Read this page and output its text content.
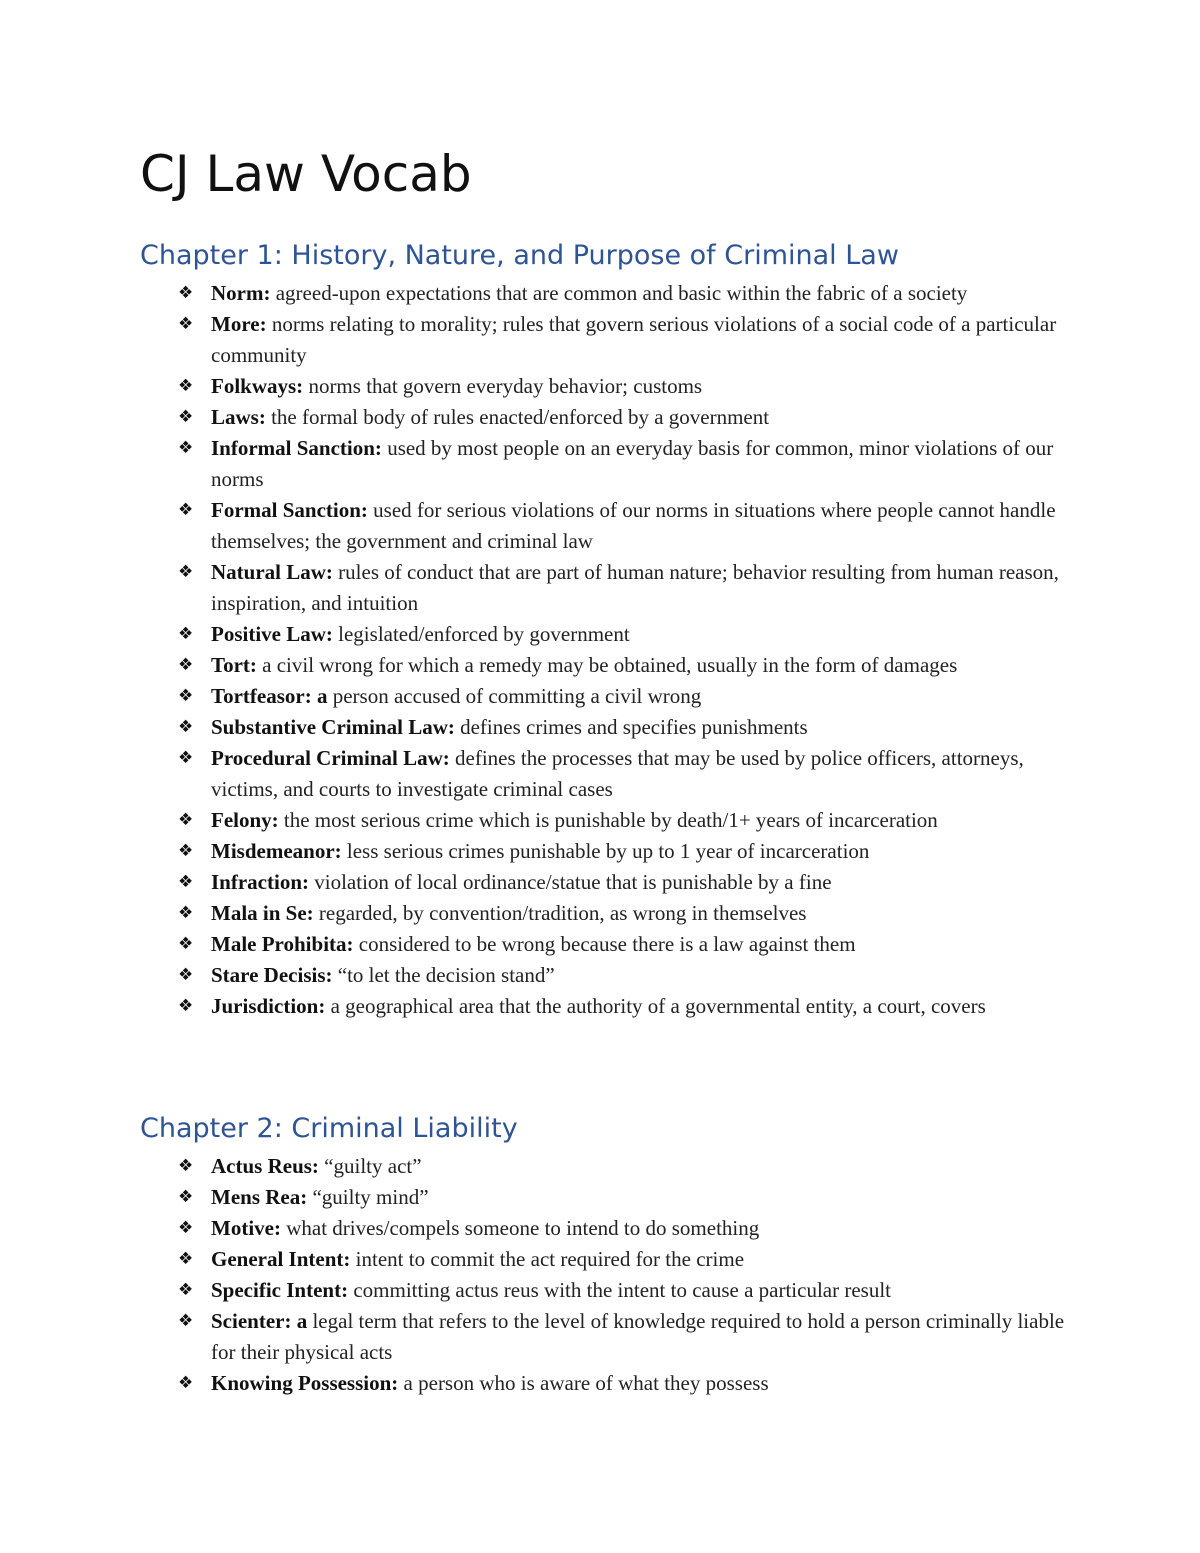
CJ Law Vocab
Chapter 1: History, Nature, and Purpose of Criminal Law
❖ Norm: agreed-upon expectations that are common and basic within the fabric of a society
❖ More: norms relating to morality; rules that govern serious violations of a social code of a particular community
❖ Folkways: norms that govern everyday behavior; customs
❖ Laws: the formal body of rules enacted/enforced by a government
❖ Informal Sanction: used by most people on an everyday basis for common, minor violations of our norms
❖ Formal Sanction: used for serious violations of our norms in situations where people cannot handle themselves; the government and criminal law
❖ Natural Law: rules of conduct that are part of human nature; behavior resulting from human reason, inspiration, and intuition
❖ Positive Law: legislated/enforced by government
❖ Tort: a civil wrong for which a remedy may be obtained, usually in the form of damages
❖ Tortfeasor: a person accused of committing a civil wrong
❖ Substantive Criminal Law: defines crimes and specifies punishments
❖ Procedural Criminal Law: defines the processes that may be used by police officers, attorneys, victims, and courts to investigate criminal cases
❖ Felony: the most serious crime which is punishable by death/1+ years of incarceration
❖ Misdemeanor: less serious crimes punishable by up to 1 year of incarceration
❖ Infraction: violation of local ordinance/statue that is punishable by a fine
❖ Mala in Se: regarded, by convention/tradition, as wrong in themselves
❖ Male Prohibita: considered to be wrong because there is a law against them
❖ Stare Decisis: “to let the decision stand”
❖ Jurisdiction: a geographical area that the authority of a governmental entity, a court, covers
Chapter 2: Criminal Liability
❖ Actus Reus: “guilty act”
❖ Mens Rea: “guilty mind”
❖ Motive: what drives/compels someone to intend to do something
❖ General Intent: intent to commit the act required for the crime
❖ Specific Intent: committing actus reus with the intent to cause a particular result
❖ Scienter: a legal term that refers to the level of knowledge required to hold a person criminally liable for their physical acts
❖ Knowing Possession: a person who is aware of what they possess
